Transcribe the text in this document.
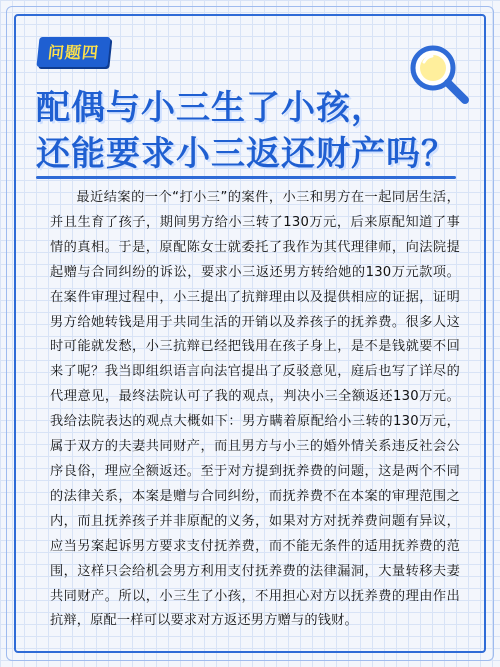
问题四
配偶与小三生了小孩，
还能要求小三返还财产吗？
最近结案的一个“打小三”的案件，小三和男方在一起同居生活，并且生育了孩子，期间男方给小三转了130万元，后来原配知道了事情的真相。于是，原配陈女士就委托了我作为其代理律师，向法院提起赠与合同纠纷的诉讼，要求小三返还男方转给她的130万元款项。在案件审理过程中，小三提出了抗辩理由以及提供相应的证据，证明男方给她转钱是用于共同生活的开销以及养孩子的抚养费。很多人这时可能就发愁，小三抗辩已经把钱用在孩子身上，是不是钱就要不回来了呢？我当即组织语言向法官提出了反驳意见，庭后也写了详尽的代理意见，最终法院认可了我的观点，判决小三全额返还130万元。我给法院表达的观点大概如下：男方瞒着原配给小三转的130万元，属于双方的夫妻共同财产，而且男方与小三的婚外情关系违反社会公序良俗，理应全额返还。至于对方提到抚养费的问题，这是两个不同的法律关系，本案是赠与合同纠纷，而抚养费不在本案的审理范围之内，而且抚养孩子并非原配的义务，如果对方对抚养费问题有异议，应当另案起诉男方要求支付抚养费，而不能无条件的适用抚养费的范围，这样只会给机会男方利用支付抚养费的法律漏洞，大量转移夫妻共同财产。所以，小三生了小孩，不用担心对方以抚养费的理由作出抗辩，原配一样可以要求对方返还男方赠与的钱财。
